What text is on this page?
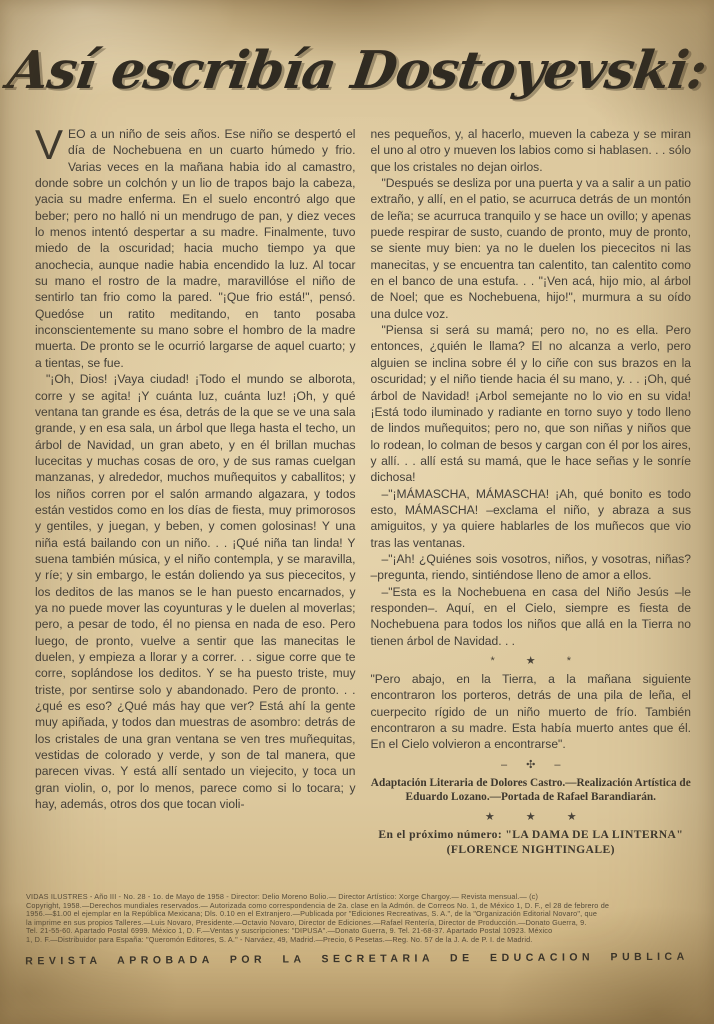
Así escribía Dostoyevski:

VEO a un niño de seis años. Ese niño se despertó el día de Nochebuena en un cuarto húmedo y frio. Varias veces en la mañana habia ido al camastro, donde sobre un colchón y un lio de trapos bajo la cabeza, yacia su madre enferma. En el suelo encontró algo que beber; pero no halló ni un mendrugo de pan, y diez veces lo menos intentó despertar a su madre. Finalmente, tuvo miedo de la oscuridad; hacia mucho tiempo ya que anochecia, aunque nadie habia encendido la luz. Al tocar su mano el rostro de la madre, maravillóse el niño de sentirlo tan frio como la pared. "¡Que frio está!", pensó. Quedóse un ratito meditando, en tanto posaba inconscientemente su mano sobre el hombro de la madre muerta. De pronto se le ocurrió largarse de aquel cuarto; y a tientas, se fue.

"¡Oh, Dios! ¡Vaya ciudad! ¡Todo el mundo se alborota, corre y se agita! ¡Y cuánta luz, cuánta luz! ¡Oh, y qué ventana tan grande es ésa, detrás de la que se ve una sala grande, y en esa sala, un árbol que llega hasta el techo, un árbol de Navidad, un gran abeto, y en él brillan muchas lucecitas y muchas cosas de oro, y de sus ramas cuelgan manzanas, y alrededor, muchos muñequitos y caballitos; y los niños corren por el salón armando algazara, y todos están vestidos como en los días de fiesta, muy primorosos y gentiles, y juegan, y beben, y comen golosinas! Y una niña está bailando con un niño. . . ¡Qué niña tan linda! Y suena también música, y el niño contempla, y se maravilla, y ríe; y sin embargo, le están doliendo ya sus piececitos, y los deditos de las manos se le han puesto encarnados, y ya no puede mover las coyunturas y le duelen al moverlas; pero, a pesar de todo, él no piensa en nada de eso. Pero luego, de pronto, vuelve a sentir que las manecitas le duelen, y empieza a llorar y a correr. . . sigue corre que te corre, soplándose los deditos. Y se ha puesto triste, muy triste, por sentirse solo y abandonado. Pero de pronto. . . ¿qué es eso? ¿Qué más hay que ver? Está ahí la gente muy apiñada, y todos dan muestras de asombro: detrás de los cristales de una gran ventana se ven tres muñequitas, vestidas de colorado y verde, y son de tal manera, que parecen vivas. Y está allí sentado un viejecito, y toca un gran violin, o, por lo menos, parece como si lo tocara; y hay, además, otros dos que tocan violi-

nes pequeños, y, al hacerlo, mueven la cabeza y se miran el uno al otro y mueven los labios como si hablasen. . . sólo que los cristales no dejan oirlos.

"Después se desliza por una puerta y va a salir a un patio extraño, y allí, en el patio, se acurruca detrás de un montón de leña; se acurruca tranquilo y se hace un ovillo; y apenas puede respirar de susto, cuando de pronto, muy de pronto, se siente muy bien: ya no le duelen los piececitos ni las manecitas, y se encuentra tan calentito, tan calentito como en el banco de una estufa. . . "¡Ven acá, hijo mio, al árbol de Noel; que es Nochebuena, hijo!", murmura a su oído una dulce voz.

"Piensa si será su mamá; pero no, no es ella. Pero entonces, ¿quién le llama? El no alcanza a verlo, pero alguien se inclina sobre él y lo ciñe con sus brazos en la oscuridad; y el niño tiende hacia él su mano, y. . . ¡Oh, qué árbol de Navidad! ¡Arbol semejante no lo vio en su vida! ¡Está todo iluminado y radiante en torno suyo y todo lleno de lindos muñequitos; pero no, que son niñas y niños que lo rodean, lo colman de besos y cargan con él por los aires, y allí. . . allí está su mamá, que le hace señas y le sonríe dichosa!

–"¡MÁMASCHA, MÁMASCHA! ¡Ah, qué bonito es todo esto, MÁMASCHA! –exclama el niño, y abraza a sus amiguitos, y ya quiere hablarles de los muñecos que vio tras las ventanas.

–"¡Ah! ¿Quiénes sois vosotros, niños, y vosotras, niñas? –pregunta, riendo, sintiéndose lleno de amor a ellos.

–"Esta es la Nochebuena en casa del Niño Jesús –le responden–. Aquí, en el Cielo, siempre es fiesta de Nochebuena para todos los niños que allá en la Tierra no tienen árbol de Navidad. . .

* ★ *

"Pero abajo, en la Tierra, a la mañana siguiente encontraron los porteros, detrás de una pila de leña, el cuerpecito rígido de un niño muerto de frío. También encontraron a su madre. Esta había muerto antes que él. En el Cielo volvieron a encontrarse".

– ✣ –
Adaptación Literaria de Dolores Castro.—Realización Artística de Eduardo Lozano.—Portada de Rafael Barandiarán.
★ ★ ★
En el próximo número: "LA DAMA DE LA LINTERNA"
(FLORENCE NIGHTINGALE)
VIDAS ILUSTRES - Año III - No. 28 - 1o. de Mayo de 1958 - Director: Delio Moreno Bolio.— Director Artístico: Xorge Chargoy.— Revista mensual.— (c)
Copyright, 1958.—Derechos mundiales reservados.— Autorizada como correspondencia de 2a. clase en la Admón. de Correos No. 1, de México 1, D. F., el 28 de febrero de
1956.—$1.00 el ejemplar en la República Mexicana; Dls. 0.10 en el Extranjero.—Publicada por "Ediciones Recreativas, S. A.", de la "Organización Editorial Novaro", que
la imprime en sus propios Talleres.—Luis Novaro, Presidente.—Octavio Novaro, Director de Ediciones.—Rafael Rentería, Director de Producción.—Donato Guerra, 9.
Tel. 21-55-60. Apartado Postal 6999. México 1, D. F.—Ventas y suscripciones: "DIPUSA".—Donato Guerra, 9. Tel. 21-68-37. Apartado Postal 10923. México
1, D. F.—Distribuidor para España: "Queromón Editores, S. A." - Narváez, 49, Madrid.—Precio, 6 Pesetas.—Reg. No. 57 de la J. A. de P. I. de Madrid.
REVISTA APROBADA POR LA SECRETARIA DE EDUCACION PUBLICA
